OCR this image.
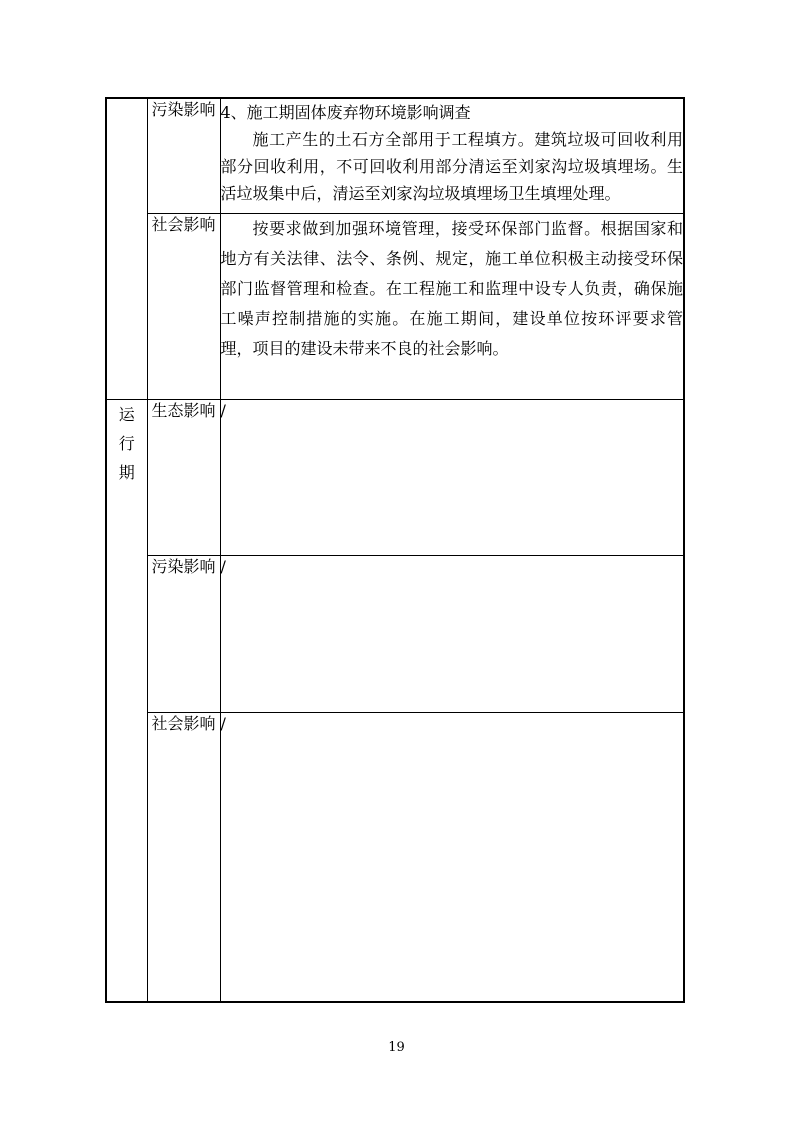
	污染影响	4、施工期固体废弃物环境影响调查
施工产生的土石方全部用于工程填方。建筑垃圾可回收利用部分回收利用，不可回收利用部分清运至刘家沟垃圾填埋场。生活垃圾集中后，清运至刘家沟垃圾填埋场卫生填埋处理。

	社会影响	按要求做到加强环境管理，接受环保部门监督。根据国家和地方有关法律、法令、条例、规定，施工单位积极主动接受环保部门监督管理和检查。在工程施工和监理中设专人负责，确保施工噪声控制措施的实施。在施工期间，建设单位按环评要求管理，项目的建设未带来不良的社会影响。

运
行
期	生态影响	/
	污染影响	/
	社会影响	/
19
